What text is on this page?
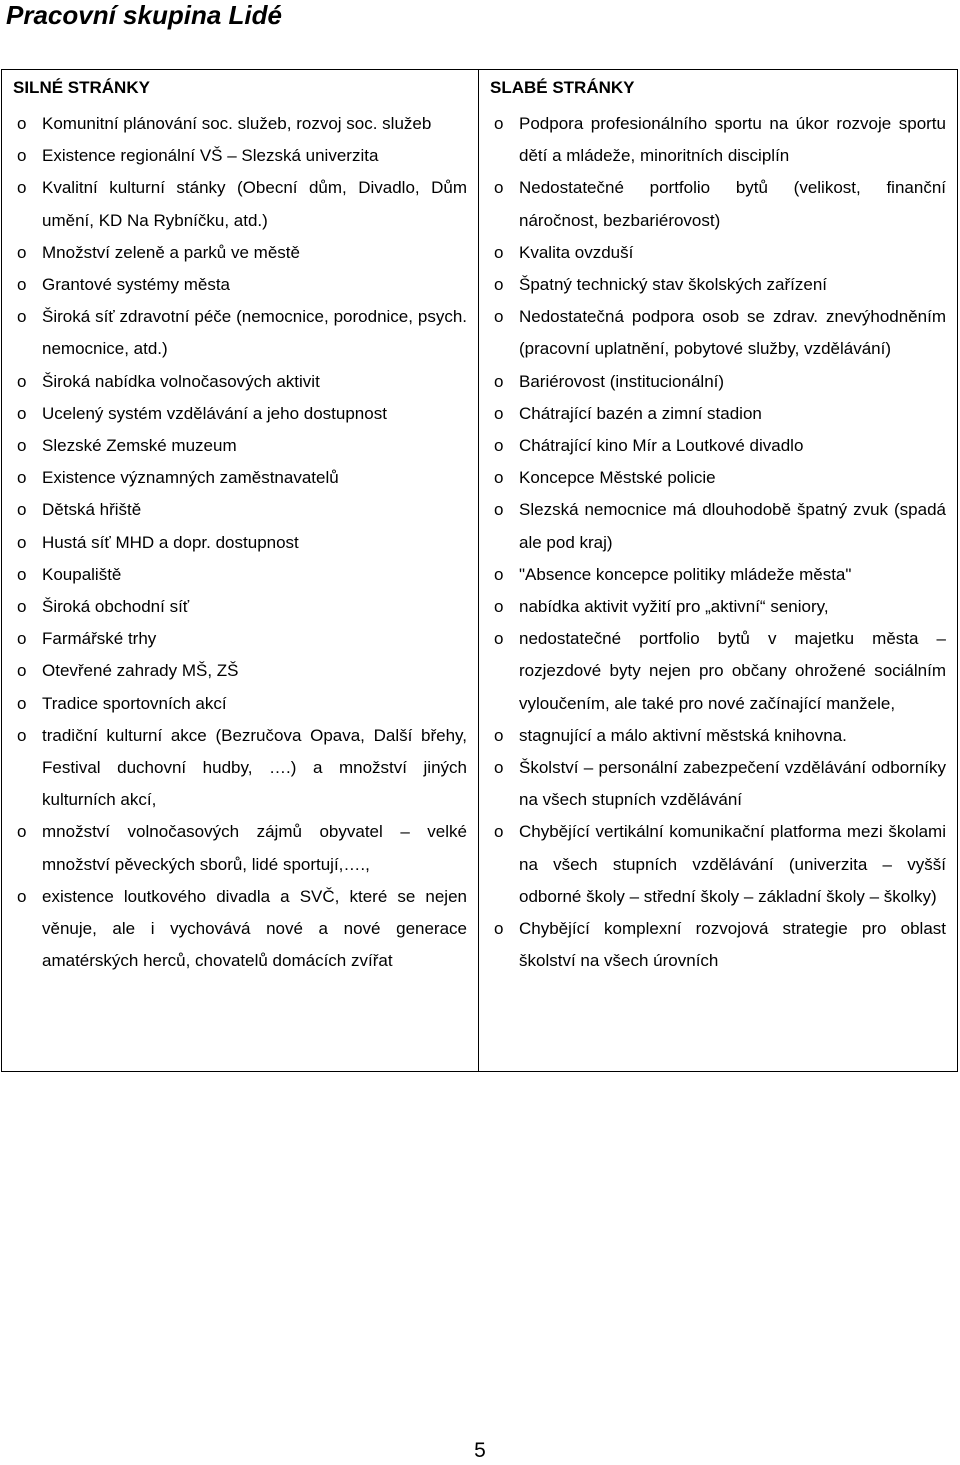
Pracovní skupina Lidé
SILNÉ STRÁNKY
o Komunitní plánování soc. služeb, rozvoj soc. služeb
o Existence regionální VŠ – Slezská univerzita
o Kvalitní kulturní stánky (Obecní dům, Divadlo, Dům umění, KD Na Rybníčku, atd.)
o Množství zeleně a parků ve městě
o Grantové systémy města
o Široká síť zdravotní péče (nemocnice, porodnice, psych. nemocnice, atd.)
o Široká nabídka volnočasových aktivit
o Ucelený systém vzdělávání a jeho dostupnost
o Slezské Zemské muzeum
o Existence významných zaměstnavatelů
o Dětská hřiště
o Hustá síť MHD a dopr. dostupnost
o Koupaliště
o Široká obchodní síť
o Farmářské trhy
o Otevřené zahrady MŠ, ZŠ
o Tradice sportovních akcí
o tradiční kulturní akce (Bezručova Opava, Další břehy, Festival duchovní hudby, ….) a množství jiných kulturních akcí,
o množství volnočasových zájmů obyvatel – velké množství pěveckých sborů, lidé sportují,….,
o existence loutkového divadla a SVČ, které se nejen věnuje, ale i vychovává nové a nové generace amatérských herců, chovatelů domácích zvířat
SLABÉ STRÁNKY
o Podpora profesionálního sportu na úkor rozvoje sportu dětí a mládeže, minoritních disciplín
o Nedostatečné portfolio bytů (velikost, finanční náročnost, bezbariérovost)
o Kvalita ovzduší
o Špatný technický stav školských zařízení
o Nedostatečná podpora osob se zdrav. znevýhodněním (pracovní uplatnění, pobytové služby, vzdělávání)
o Bariérovost (institucionální)
o Chátrající bazén a zimní stadion
o Chátrající kino Mír a Loutkové divadlo
o Koncepce Městské policie
o Slezská nemocnice má dlouhodobě špatný zvuk (spadá ale pod kraj)
o "Absence koncepce politiky mládeže města"
o nabídka aktivit vyžití pro „aktivní“ seniory,
o nedostatečné portfolio bytů v majetku města – rozjezdové byty nejen pro občany ohrožené sociálním vyloučením, ale také pro nové začínající manžele,
o stagnující a málo aktivní městská knihovna.
o Školství – personální zabezpečení vzdělávání odborníky na všech stupních vzdělávání
o Chybějící vertikální komunikační platforma mezi školami na všech stupních vzdělávání (univerzita – vyšší odborné školy – střední školy – základní školy – školky)
o Chybějící komplexní rozvojová strategie pro oblast školství na všech úrovních
5
